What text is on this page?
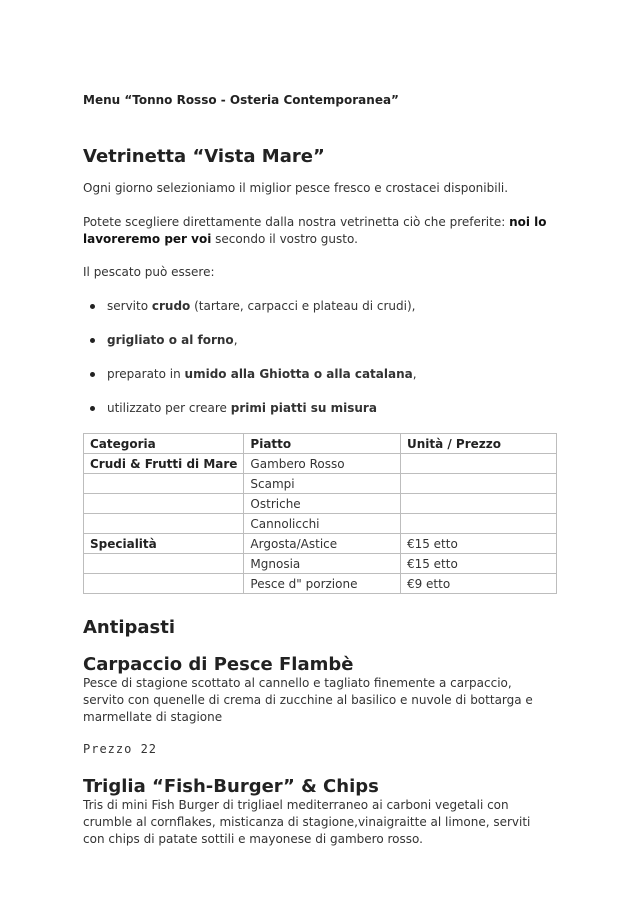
Menu “Tonno Rosso - Osteria Contemporanea”
Vetrinetta “Vista Mare”
Ogni giorno selezioniamo il miglior pesce fresco e crostacei disponibili.
Potete scegliere direttamente dalla nostra vetrinetta ciò che preferite: noi lo lavoreremo per voi secondo il vostro gusto.
Il pescato può essere:
servito crudo (tartare, carpacci e plateau di crudi),
grigliato o al forno,
preparato in umido alla Ghiotta o alla catalana,
utilizzato per creare primi piatti su misura
Categoria	Piatto	Unità / Prezzo
Crudi & Frutti di Mare	Gambero Rosso	
	Scampi	
	Ostriche	
	Cannolicchi	
Specialità	Argosta/Astice	€15 etto
	Mgnosia	€15 etto
	Pesce d" porzione	€9 etto
Antipasti
Carpaccio di Pesce Flambè
Pesce di stagione scottato al cannello e tagliato finemente a carpaccio, servito con quenelle di crema di zucchine al basilico e nuvole di bottarga e marmellate di stagione
Prezzo 22
Triglia “Fish-Burger” & Chips
Tris di mini Fish Burger di trigliael mediterraneo ai carboni vegetali con crumble al cornflakes, misticanza di stagione,vinaigraitte al limone, serviti con chips di patate sottili e mayonese di gambero rosso.
